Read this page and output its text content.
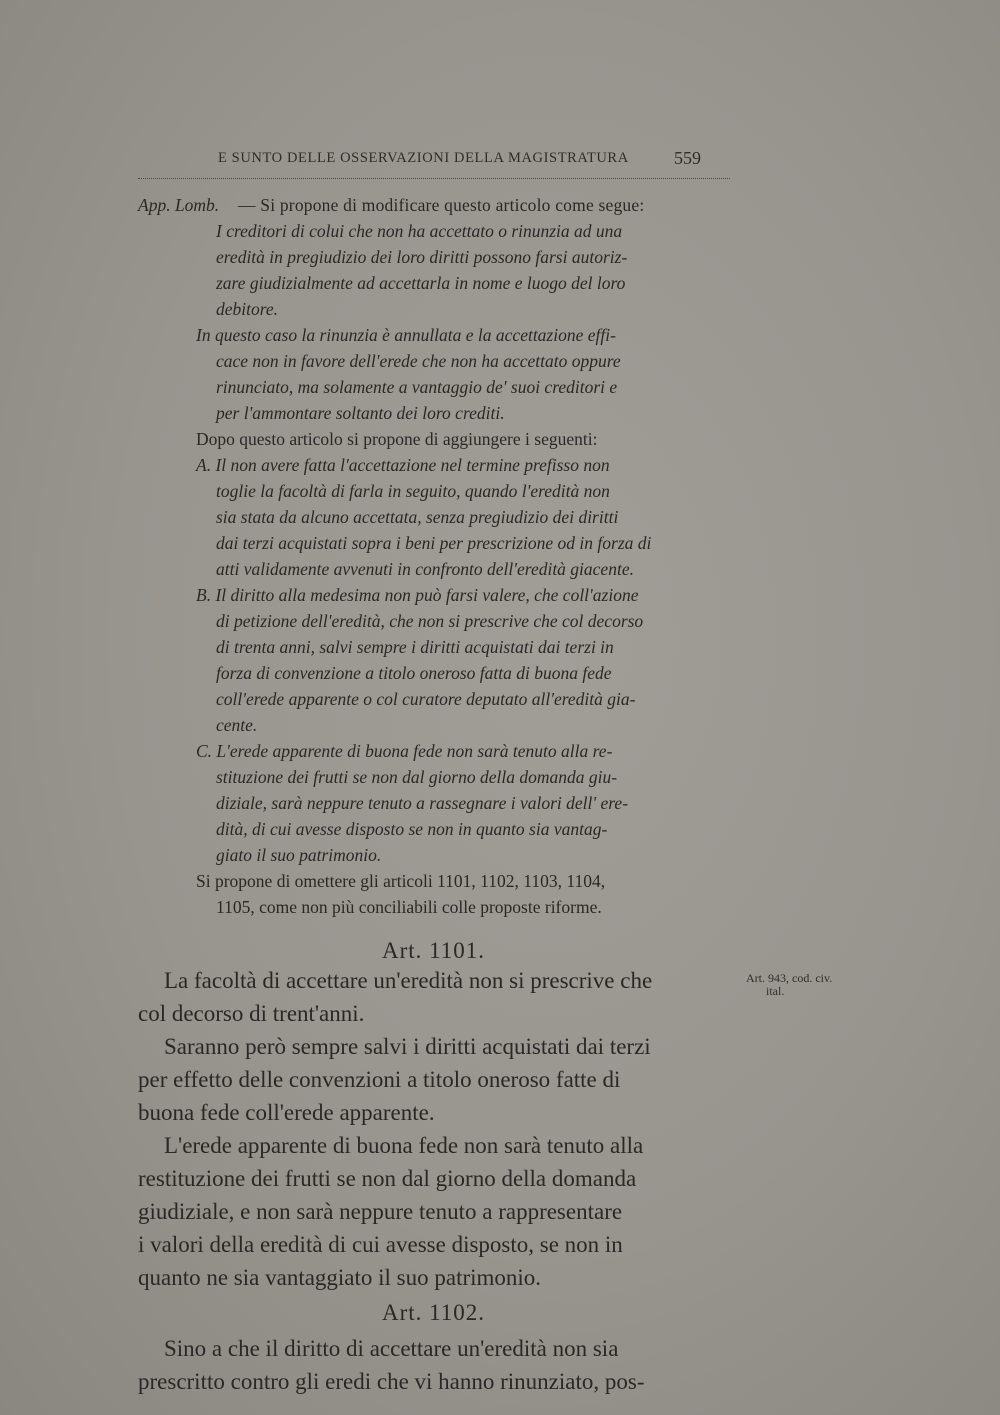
E SUNTO DELLE OSSERVAZIONI DELLA MAGISTRATURA	559
App. Lomb. — Si propone di modificare questo articolo come segue:
I creditori di colui che non ha accettato o rinunzia ad una
eredità in pregiudizio dei loro diritti possono farsi autoriz-
zare giudizialmente ad accettarla in nome e luogo del loro
debitore.
In questo caso la rinunzia è annullata e la accettazione effi-
cace non in favore dell'erede che non ha accettato oppure
rinunciato, ma solamente a vantaggio de' suoi creditori e
per l'ammontare soltanto dei loro crediti.
Dopo questo articolo si propone di aggiungere i seguenti:
A. Il non avere fatta l'accettazione nel termine prefisso non
toglie la facoltà di farla in seguito, quando l'eredità non
sia stata da alcuno accettata, senza pregiudizio dei diritti
dai terzi acquistati sopra i beni per prescrizione od in forza di
atti validamente avvenuti in confronto dell'eredità giacente.
B. Il diritto alla medesima non può farsi valere, che coll'azione
di petizione dell'eredità, che non si prescrive che col decorso
di trenta anni, salvi sempre i diritti acquistati dai terzi in
forza di convenzione a titolo oneroso fatta di buona fede
coll'erede apparente o col curatore deputato all'eredità gia-
cente.
C. L'erede apparente di buona fede non sarà tenuto alla re-
stituzione dei frutti se non dal giorno della domanda giu-
diziale, sarà neppure tenuto a rassegnare i valori dell' ere-
dità, di cui avesse disposto se non in quanto sia vantag-
giato il suo patrimonio.
Si propone di omettere gli articoli 1101, 1102, 1103, 1104,
1105, come non più conciliabili colle proposte riforme.
Art. 1101.
Art. 943, cod. civ.
ital.
La facoltà di accettare un'eredità non si prescrive che
col decorso di trent'anni.
Saranno però sempre salvi i diritti acquistati dai terzi
per effetto delle convenzioni a titolo oneroso fatte di
buona fede coll'erede apparente.
L'erede apparente di buona fede non sarà tenuto alla
restituzione dei frutti se non dal giorno della domanda
giudiziale, e non sarà neppure tenuto a rappresentare
i valori della eredità di cui avesse disposto, se non in
quanto ne sia vantaggiato il suo patrimonio.
Art. 1102.
Sino a che il diritto di accettare un'eredità non sia
prescritto contro gli eredi che vi hanno rinunziato, pos-
